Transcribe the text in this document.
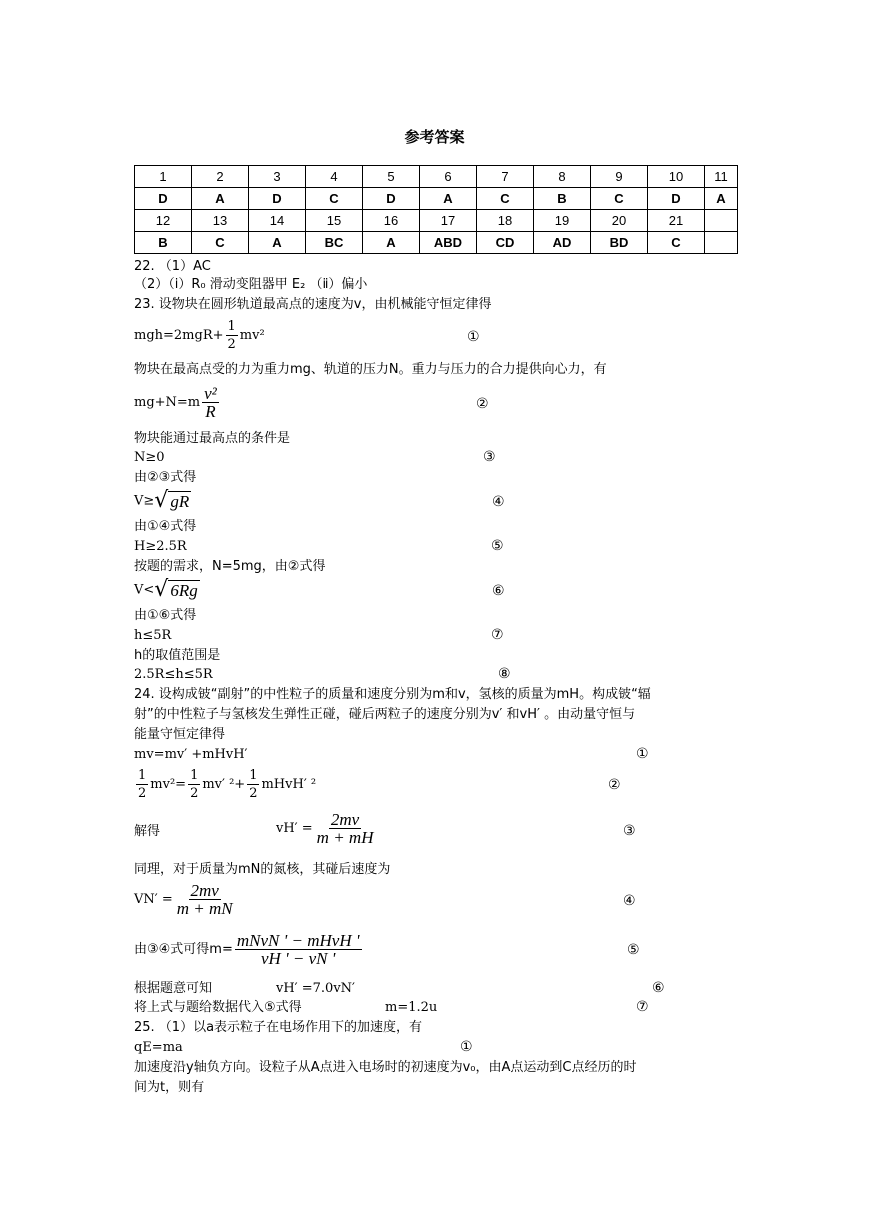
参考答案
1	2	3	4	5	6	7	8	9	10	11
D	A	D	C	D	A	C	B	C	D	A
12	13	14	15	16	17	18	19	20	21	
B	C	A	BC	A	ABD	CD	AD	BD	C	
22. （1）AC
（2）（ⅰ）R₀ 滑动变阻器甲 E₂ （ⅱ）偏小
23. 设物块在圆形轨道最高点的速度为v，由机械能守恒定律得
$mgh=2mgR+ \frac{1}{2} mv^2$	①
物块在最高点受的力为重力mg、轨道的压力N。重力与压力的合力提供向心力，有
$mg+N=m \frac{\text{v²}}{R}$	②
物块能通过最高点的条件是
N≥0	③
由②③式得
V≥ √ gR	④
由①④式得
H≥2.5R	⑤
按题的需求，N=5mg，由②式得
V< √ 6Rg	⑥
由①⑥式得
h≤5R	⑦
h的取值范围是
2.5R≤h≤5R	⑧
24. 设构成铍“副射”的中性粒子的质量和速度分别为m和v，氢核的质量为mH。构成铍“辐
射”的中性粒子与氢核发生弹性正碰，碰后两粒子的速度分别为v′ 和vH′ 。由动量守恒与
能量守恒定律得
mv=mv′ +mHvH′	①
$\frac{1}{2} mv^2= \frac{1}{2} mv'$ $^2+ \frac{1}{2}$ mHvH′ ²	②
解得	$vH' = \frac{2mv}{m + mH}$	③
同理，对于质量为mN的氮核，其碰后速度为
$VN' = \frac{2mv}{m + mN}$	④
由③④式可得$m= \frac{\text{mNvN ' − mHvH '}}{vH ' - vN '}$	⑤
根据题意可知	vH′ =7.0vN′	⑥
将上式与题给数据代入⑤式得	m=1.2u	⑦
25. （1）以a表示粒子在电场作用下的加速度，有
qE=ma	①
加速度沿y轴负方向。设粒子从A点进入电场时的初速度为v₀，由A点运动到C点经历的时
间为t，则有
